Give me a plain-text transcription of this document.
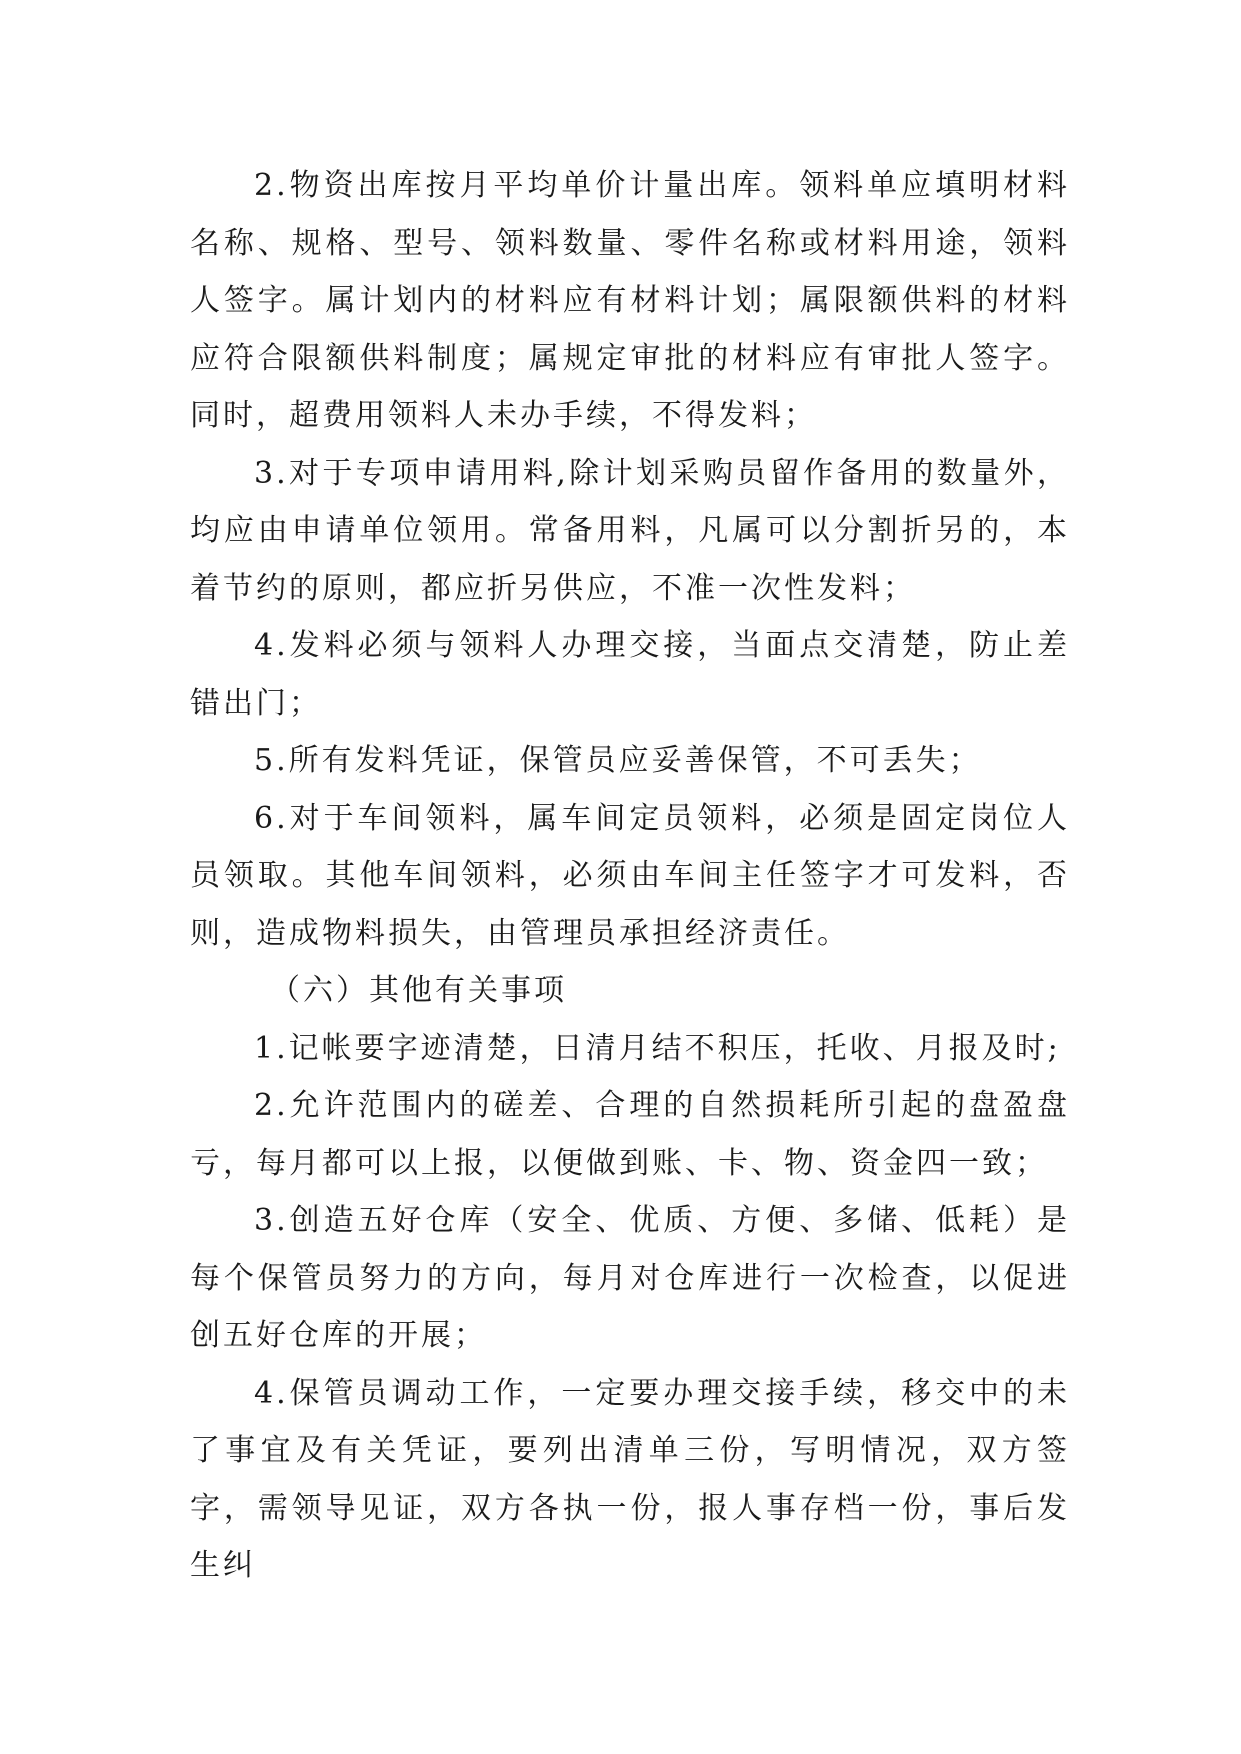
2.物资出库按月平均单价计量出库。领料单应填明材料名称、规格、型号、领料数量、零件名称或材料用途，领料人签字。属计划内的材料应有材料计划；属限额供料的材料应符合限额供料制度；属规定审批的材料应有审批人签字。同时，超费用领料人未办手续，不得发料；

3.对于专项申请用料,除计划采购员留作备用的数量外，均应由申请单位领用。常备用料，凡属可以分割折另的，本着节约的原则，都应折另供应，不准一次性发料；

4.发料必须与领料人办理交接，当面点交清楚，防止差错出门；

5.所有发料凭证，保管员应妥善保管，不可丢失；

6.对于车间领料，属车间定员领料，必须是固定岗位人员领取。其他车间领料，必须由车间主任签字才可发料，否则，造成物料损失，由管理员承担经济责任。

（六）其他有关事项

1.记帐要字迹清楚，日清月结不积压，托收、月报及时;

2.允许范围内的磋差、合理的自然损耗所引起的盘盈盘亏，每月都可以上报，以便做到账、卡、物、资金四一致；

3.创造五好仓库（安全、优质、方便、多储、低耗）是每个保管员努力的方向，每月对仓库进行一次检查，以促进创五好仓库的开展；

4.保管员调动工作，一定要办理交接手续，移交中的未了事宜及有关凭证，要列出清单三份，写明情况，双方签字，需领导见证，双方各执一份，报人事存档一份，事后发生纠
